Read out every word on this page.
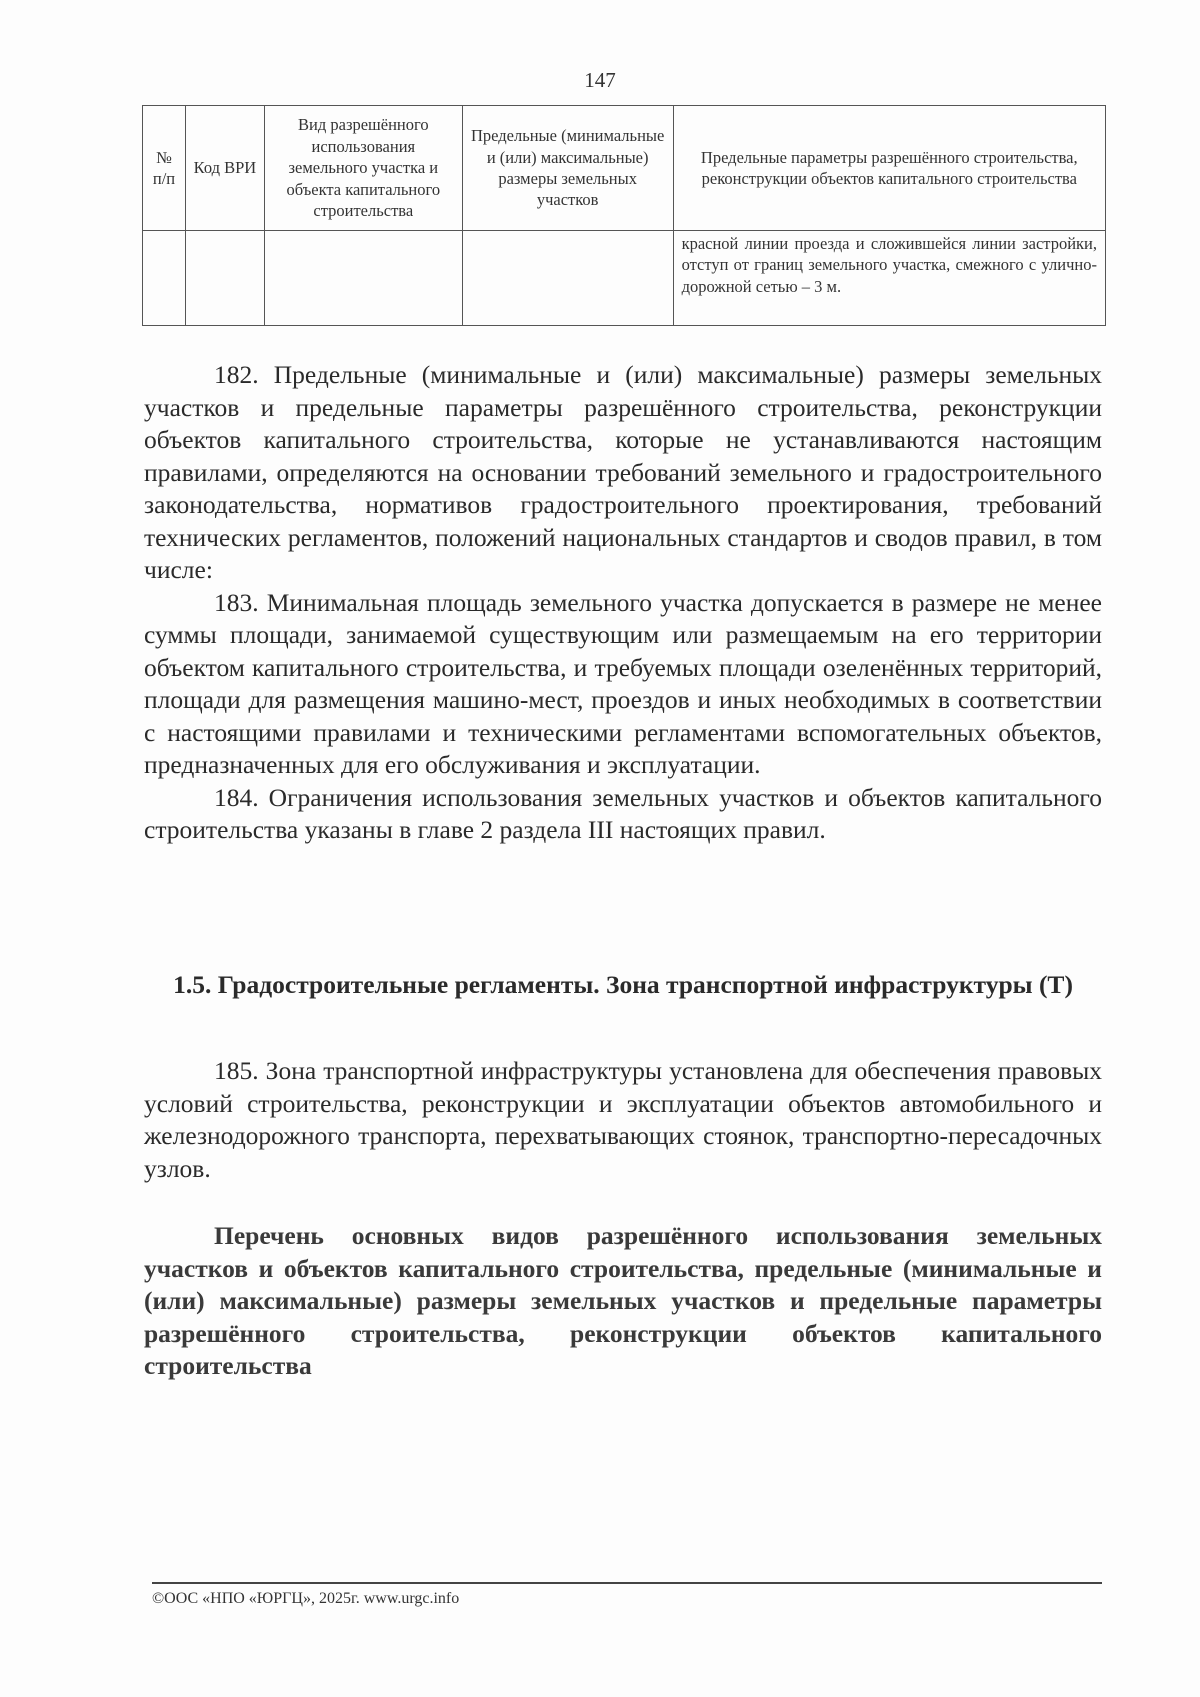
147
№ п/п	Код ВРИ	Вид разрешённого использования земельного участка и объекта капитального строительства	Предельные (минимальные и (или) максимальные) размеры земельных участков	Предельные параметры разрешённого строительства, реконструкции объектов капитального строительства
				красной линии проезда и сложившейся линии застройки, отступ от границ земельного участка, смежного с улично-дорожной сетью – 3 м.

182. Предельные (минимальные и (или) максимальные) размеры земельных участков и предельные параметры разрешённого строительства, реконструкции объектов капитального строительства, которые не устанавливаются настоящим правилами, определяются на основании требований земельного и градостроительного законодательства, нормативов градостроительного проектирования, требований технических регламентов, положений национальных стандартов и сводов правил, в том числе:

183. Минимальная площадь земельного участка допускается в размере не менее суммы площади, занимаемой существующим или размещаемым на его территории объектом капитального строительства, и требуемых площади озеленённых территорий, площади для размещения машино-мест, проездов и иных необходимых в соответствии с настоящими правилами и техническими регламентами вспомогательных объектов, предназначенных для его обслуживания и эксплуатации.

184. Ограничения использования земельных участков и объектов капитального строительства указаны в главе 2 раздела III настоящих правил.

1.5. Градостроительные регламенты. Зона транспортной инфраструктуры (Т)

185. Зона транспортной инфраструктуры установлена для обеспечения правовых условий строительства, реконструкции и эксплуатации объектов автомобильного и железнодорожного транспорта, перехватывающих стоянок, транспортно-пересадочных узлов.

Перечень основных видов разрешённого использования земельных участков и объектов капитального строительства, предельные (минимальные и (или) максимальные) размеры земельных участков и предельные параметры разрешённого строительства, реконструкции объектов капитального строительства
©ООС «НПО «ЮРГЦ», 2025г. www.urgc.info
